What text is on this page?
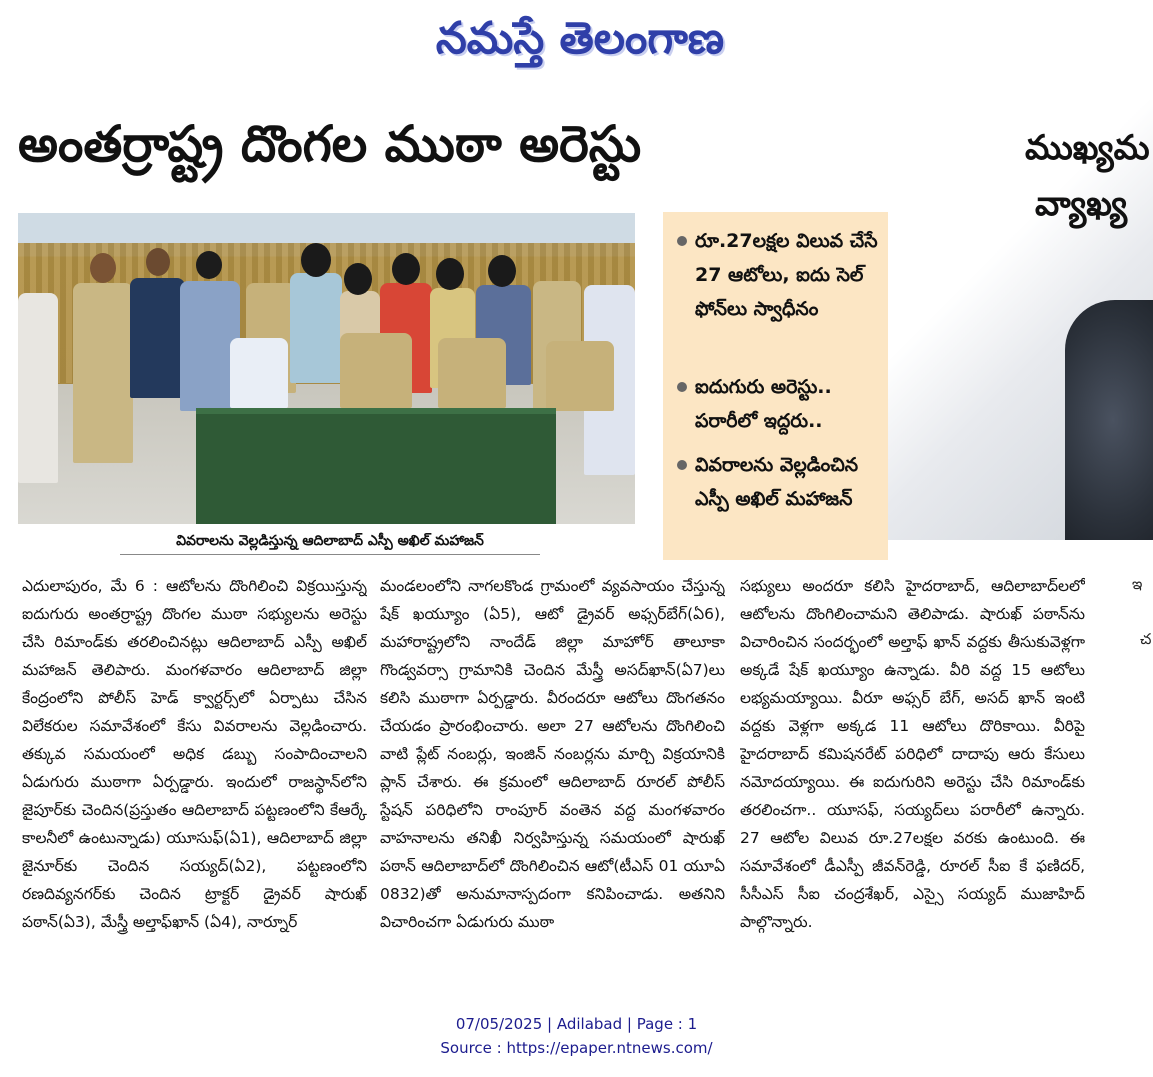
నమస్తే తెలంగాణ
అంతర్రాష్ట్ర దొంగల ముఠా అరెస్టు	ముఖ్యమ
వ్యాఖ్య
ఇ
చ
వివరాలను వెల్లడిస్తున్న ఆదిలాబాద్ ఎస్పీ అఖిల్ మహాజన్
రూ.27లక్షల విలువ చేసే 27 ఆటోలు, ఐదు సెల్ ఫోన్‌లు స్వాధీనం
ఐదుగురు అరెస్టు.. పరారీలో ఇద్దరు..
వివరాలను వెల్లడించిన ఎస్పీ అఖిల్ మహాజన్
ఎదులాపురం, మే 6 : ఆటోలను దొంగిలించి విక్రయిస్తున్న ఐదుగురు అంతర్రాష్ట్ర దొంగల ముఠా సభ్యులను అరెస్టు చేసి రిమాండ్‌కు తరలించినట్లు ఆదిలాబాద్ ఎస్పీ అఖిల్ మహాజన్ తెలిపారు. మంగళవారం ఆదిలాబాద్ జిల్లా కేంద్రంలోని పోలీస్ హెడ్ క్వార్టర్స్‌లో ఏర్పాటు చేసిన విలేకరుల సమావేశంలో కేసు వివరాలను వెల్లడించారు. తక్కువ సమయంలో అధిక డబ్బు సంపాదించాలని ఏడుగురు ముఠాగా ఏర్పడ్డారు. ఇందులో రాజస్థాన్‌లోని జైపూర్‌కు చెందిన(ప్రస్తుతం ఆదిలాబాద్ పట్టణంలోని కేఆర్కే కాలనీలో ఉంటున్నాడు) యూసుఫ్(ఏ1), ఆదిలాబాద్ జిల్లా జైనూర్‌కు చెందిన సయ్యద్(ఏ2), పట్టణంలోని రణదివ్యనగర్‌కు చెందిన ట్రాక్టర్ డ్రైవర్ షారుఖ్ పఠాన్(ఏ3), మేస్త్రీ అల్తాఫ్‌ఖాన్ (ఏ4), నార్నూర్
మండలంలోని నాగలకొండ గ్రామంలో వ్యవసాయం చేస్తున్న షేక్ ఖయ్యూం (ఏ5), ఆటో డ్రైవర్ అఫ్సర్‌బేగ్(ఏ6), మహారాష్ట్రలోని నాందేడ్ జిల్లా మాహోర్ తాలూకా గొండ్వవర్సా గ్రామానికి చెందిన మేస్త్రీ అసద్‌ఖాన్(ఏ7)లు కలిసి ముఠాగా ఏర్పడ్డారు. వీరందరూ ఆటోలు దొంగతనం చేయడం ప్రారంభించారు. అలా 27 ఆటోలను దొంగిలించి వాటి ప్లేట్ నంబర్లు, ఇంజిన్ నంబర్లను మార్చి విక్రయానికి ప్లాన్ చేశారు. ఈ క్రమంలో ఆదిలాబాద్ రూరల్ పోలీస్ స్టేషన్ పరిధిలోని రాంపూర్ వంతెన వద్ద మంగళవారం వాహనాలను తనిఖీ నిర్వహిస్తున్న సమయంలో షారుఖ్ పఠాన్ ఆదిలాబాద్‌లో దొంగిలించిన ఆటో(టీఎస్ 01 యూఏ 0832)తో అనుమానాస్పదంగా కనిపించాడు. అతనిని విచారించగా ఏడుగురు ముఠా
సభ్యులు అందరూ కలిసి హైదరాబాద్, ఆదిలాబాద్‌లలో ఆటోలను దొంగిలించామని తెలిపాడు. షారుఖ్ పఠాన్‌ను విచారించిన సందర్భంలో అల్తాఫ్ ఖాన్ వద్దకు తీసుకువెళ్లగా అక్కడే షేక్ ఖయ్యూం ఉన్నాడు. వీరి వద్ద 15 ఆటోలు లభ్యమయ్యాయి. వీరూ అఫ్సర్ బేగ్, అసద్ ఖాన్ ఇంటి వద్దకు వెళ్లగా అక్కడ 11 ఆటోలు దొరికాయి. వీరిపై హైదరాబాద్ కమిషనరేట్ పరిధిలో దాదాపు ఆరు కేసులు నమోదయ్యాయి. ఈ ఐదుగురిని అరెస్టు చేసి రిమాండ్‌కు తరలించగా.. యూసఫ్, సయ్యద్‌లు పరారీలో ఉన్నారు. 27 ఆటోల విలువ రూ.27లక్షల వరకు ఉంటుంది. ఈ సమావేశంలో డీఎస్పీ జీవన్‌రెడ్డి, రూరల్ సీఐ కే ఫణిదర్, సీసీఎస్ సీఐ చంద్రశేఖర్, ఎస్సై సయ్యద్ ముజాహిద్ పాల్గొన్నారు.
07/05/2025 | Adilabad | Page : 1
Source : https://epaper.ntnews.com/
